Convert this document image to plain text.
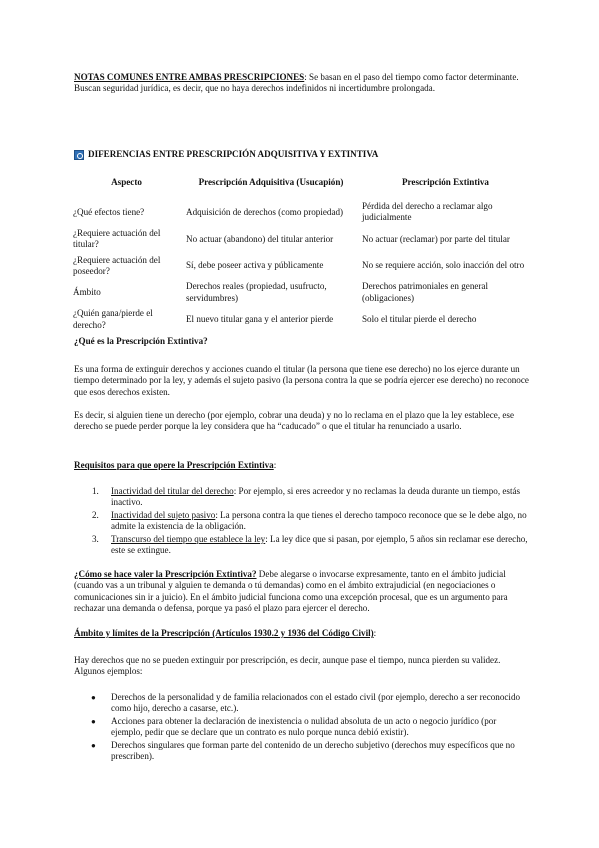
NOTAS COMUNES ENTRE AMBAS PRESCRIPCIONES: Se basan en el paso del tiempo como factor determinante. Buscan seguridad jurídica, es decir, que no haya derechos indefinidos ni incertidumbre prolongada.

DIFERENCIAS ENTRE PRESCRIPCIÓN ADQUISITIVA Y EXTINTIVA
Aspecto	Prescripción Adquisitiva (Usucapión)	Prescripción Extintiva
¿Qué efectos tiene?	Adquisición de derechos (como propiedad)	Pérdida del derecho a reclamar algo judicialmente
¿Requiere actuación del titular?	No actuar (abandono) del titular anterior	No actuar (reclamar) por parte del titular
¿Requiere actuación del poseedor?	Sí, debe poseer activa y públicamente	No se requiere acción, solo inacción del otro
Ámbito	Derechos reales (propiedad, usufructo, servidumbres)	Derechos patrimoniales en general (obligaciones)
¿Quién gana/pierde el derecho?	El nuevo titular gana y el anterior pierde	Solo el titular pierde el derecho

¿Qué es la Prescripción Extintiva?

Es una forma de extinguir derechos y acciones cuando el titular (la persona que tiene ese derecho) no los ejerce durante un tiempo determinado por la ley, y además el sujeto pasivo (la persona contra la que se podría ejercer ese derecho) no reconoce que esos derechos existen.

Es decir, si alguien tiene un derecho (por ejemplo, cobrar una deuda) y no lo reclama en el plazo que la ley establece, ese derecho se puede perder porque la ley considera que ha “caducado” o que el titular ha renunciado a usarlo.

Requisitos para que opere la Prescripción Extintiva:

1. Inactividad del titular del derecho: Por ejemplo, si eres acreedor y no reclamas la deuda durante un tiempo, estás inactivo.
2. Inactividad del sujeto pasivo: La persona contra la que tienes el derecho tampoco reconoce que se le debe algo, no admite la existencia de la obligación.
3. Transcurso del tiempo que establece la ley: La ley dice que si pasan, por ejemplo, 5 años sin reclamar ese derecho, este se extingue.

¿Cómo se hace valer la Prescripción Extintiva? Debe alegarse o invocarse expresamente, tanto en el ámbito judicial (cuando vas a un tribunal y alguien te demanda o tú demandas) como en el ámbito extrajudicial (en negociaciones o comunicaciones sin ir a juicio). En el ámbito judicial funciona como una excepción procesal, que es un argumento para rechazar una demanda o defensa, porque ya pasó el plazo para ejercer el derecho.

Ámbito y límites de la Prescripción (Artículos 1930.2 y 1936 del Código Civil):

Hay derechos que no se pueden extinguir por prescripción, es decir, aunque pase el tiempo, nunca pierden su validez. Algunos ejemplos:

● Derechos de la personalidad y de familia relacionados con el estado civil (por ejemplo, derecho a ser reconocido como hijo, derecho a casarse, etc.).
● Acciones para obtener la declaración de inexistencia o nulidad absoluta de un acto o negocio jurídico (por ejemplo, pedir que se declare que un contrato es nulo porque nunca debió existir).
● Derechos singulares que forman parte del contenido de un derecho subjetivo (derechos muy específicos que no prescriben).
